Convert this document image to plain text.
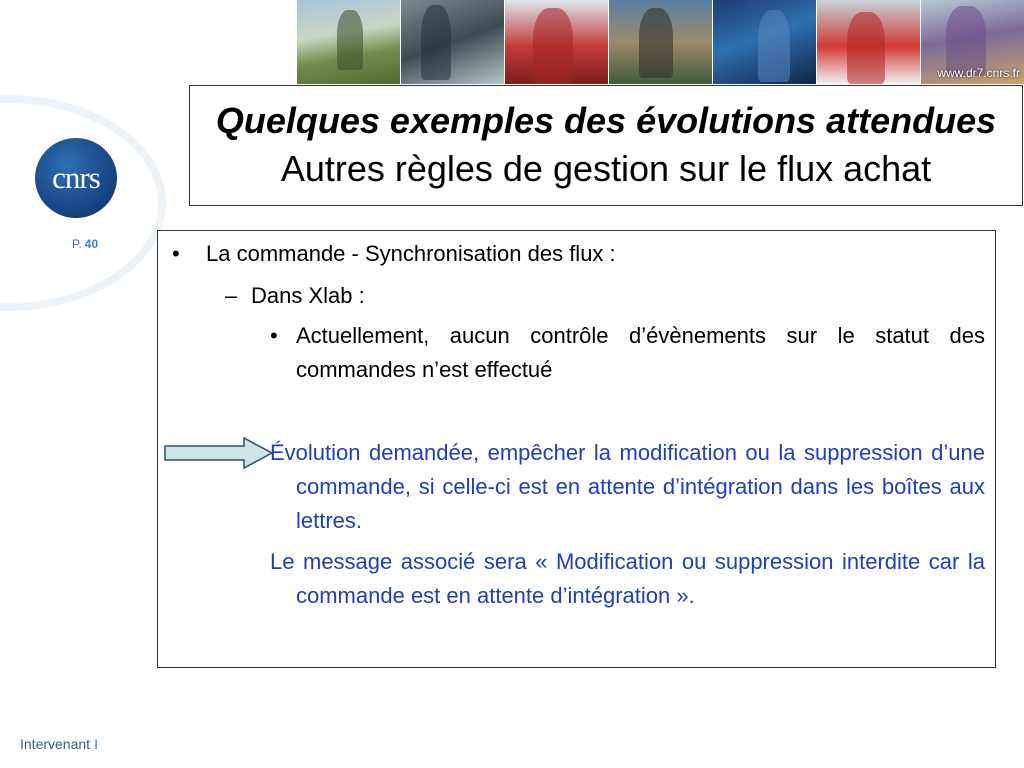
www.dr7.cnrs.fr
cnrs
P. 40
Quelques exemples des évolutions attendues
Autres règles de gestion sur le flux achat
• La commande - Synchronisation des flux :
– Dans Xlab :
• Actuellement, aucun contrôle d’évènements sur le statut des commandes n’est effectué
Évolution demandée, empêcher la modification ou la suppression d’une commande, si celle-ci est en attente d’intégration dans les boîtes aux lettres.
Le message associé sera « Modification ou suppression interdite car la commande est en attente d’intégration ».
Intervenant I
